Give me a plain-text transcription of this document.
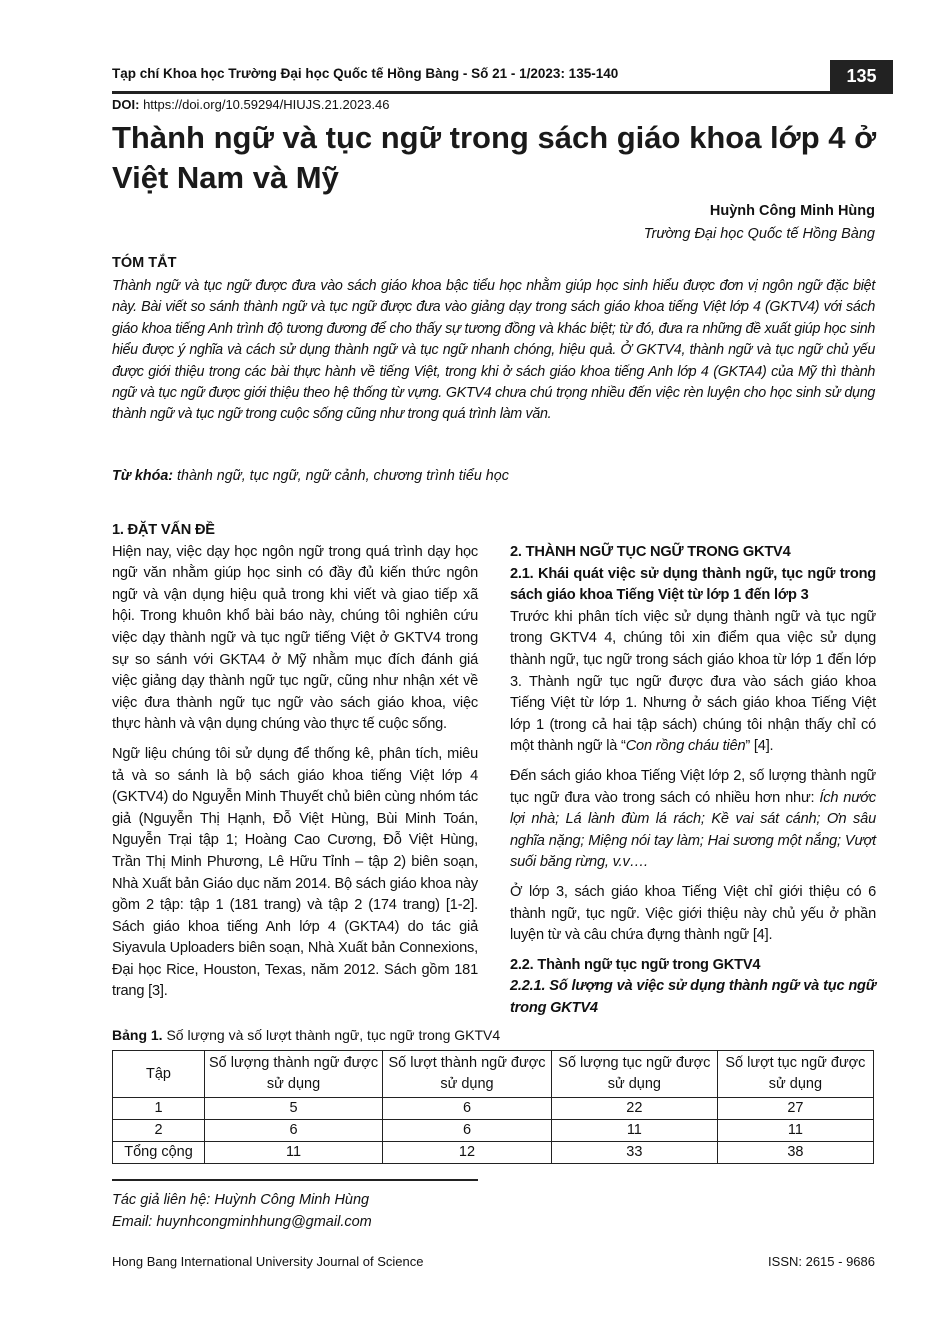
Tạp chí Khoa học Trường Đại học Quốc tế Hồng Bàng - Số 21 - 1/2023: 135-140	135
DOI: https://doi.org/10.59294/HIUJS.21.2023.46
Thành ngữ và tục ngữ trong sách giáo khoa lớp 4 ở Việt Nam và Mỹ
Huỳnh Công Minh Hùng
Trường Đại học Quốc tế Hồng Bàng
TÓM TẮT
Thành ngữ và tục ngữ được đưa vào sách giáo khoa bậc tiểu học nhằm giúp học sinh hiểu được đơn vị ngôn ngữ đặc biệt này. Bài viết so sánh thành ngữ và tục ngữ được đưa vào giảng dạy trong sách giáo khoa tiếng Việt lớp 4 (GKTV4) với sách giáo khoa tiếng Anh trình độ tương đương để cho thấy sự tương đồng và khác biệt; từ đó, đưa ra những đề xuất giúp học sinh hiểu được ý nghĩa và cách sử dụng thành ngữ và tục ngữ nhanh chóng, hiệu quả. Ở GKTV4, thành ngữ và tục ngữ chủ yếu được giới thiệu trong các bài thực hành về tiếng Việt, trong khi ở sách giáo khoa tiếng Anh lớp 4 (GKTA4) của Mỹ thì thành ngữ và tục ngữ được giới thiệu theo hệ thống từ vựng. GKTV4 chưa chú trọng nhiều đến việc rèn luyện cho học sinh sử dụng thành ngữ và tục ngữ trong cuộc sống cũng như trong quá trình làm văn.
Từ khóa: thành ngữ, tục ngữ, ngữ cảnh, chương trình tiểu học

1. ĐẶT VẤN ĐỀ

Hiện nay, việc dạy học ngôn ngữ trong quá trình dạy học ngữ văn nhằm giúp học sinh có đầy đủ kiến thức ngôn ngữ và vận dụng hiệu quả trong khi viết và giao tiếp xã hội. Trong khuôn khổ bài báo này, chúng tôi nghiên cứu việc dạy thành ngữ và tục ngữ tiếng Việt ở GKTV4 trong sự so sánh với GKTA4 ở Mỹ nhằm mục đích đánh giá việc giảng dạy thành ngữ tục ngữ, cũng như nhận xét về việc đưa thành ngữ tục ngữ vào sách giáo khoa, việc thực hành và vận dụng chúng vào thực tế cuộc sống.

Ngữ liệu chúng tôi sử dụng để thống kê, phân tích, miêu tả và so sánh là bộ sách giáo khoa tiếng Việt lớp 4 (GKTV4) do Nguyễn Minh Thuyết chủ biên cùng nhóm tác giả (Nguyễn Thị Hạnh, Đỗ Việt Hùng, Bùi Minh Toán, Nguyễn Trại tập 1; Hoàng Cao Cương, Đỗ Việt Hùng, Trần Thị Minh Phương, Lê Hữu Tỉnh – tập 2) biên soạn, Nhà Xuất bản Giáo dục năm 2014. Bộ sách giáo khoa này gồm 2 tập: tập 1 (181 trang) và tập 2 (174 trang) [1-2]. Sách giáo khoa tiếng Anh lớp 4 (GKTA4) do tác giả Siyavula Uploaders biên soạn, Nhà Xuất bản Connexions, Đại học Rice, Houston, Texas, năm 2012. Sách gồm 181 trang [3].

2. THÀNH NGỮ TỤC NGỮ TRONG GKTV4

2.1. Khái quát việc sử dụng thành ngữ, tục ngữ trong sách giáo khoa Tiếng Việt từ lớp 1 đến lớp 3

Trước khi phân tích việc sử dụng thành ngữ và tục ngữ trong GKTV4 4, chúng tôi xin điểm qua việc sử dụng thành ngữ, tục ngữ trong sách giáo khoa từ lớp 1 đến lớp 3. Thành ngữ tục ngữ được đưa vào sách giáo khoa Tiếng Việt từ lớp 1. Nhưng ở sách giáo khoa Tiếng Việt lớp 1 (trong cả hai tập sách) chúng tôi nhận thấy chỉ có một thành ngữ là “Con rồng cháu tiên” [4].

Đến sách giáo khoa Tiếng Việt lớp 2, số lượng thành ngữ tục ngữ đưa vào trong sách có nhiều hơn như: Ích nước lợi nhà; Lá lành đùm lá rách; Kề vai sát cánh; Ơn sâu nghĩa nặng; Miệng nói tay làm; Hai sương một nắng; Vượt suối băng rừng, v.v….

Ở lớp 3, sách giáo khoa Tiếng Việt chỉ giới thiệu có 6 thành ngữ, tục ngữ. Việc giới thiệu này chủ yếu ở phần luyện từ và câu chứa đựng thành ngữ [4].

2.2. Thành ngữ tục ngữ trong GKTV4

2.2.1. Số lượng và việc sử dụng thành ngữ và tục ngữ trong GKTV4

Bảng 1. Số lượng và số lượt thành ngữ, tục ngữ trong GKTV4
Tập	Số lượng thành ngữ được sử dụng	Số lượt thành ngữ được sử dụng	Số lượng tục ngữ được sử dụng	Số lượt tục ngữ được sử dụng
1	5	6	22	27
2	6	6	11	11
Tổng cộng	11	12	33	38
Tác giả liên hệ: Huỳnh Công Minh Hùng
Email: huynhcongminhhung@gmail.com
Hong Bang International University Journal of Science	ISSN: 2615 - 9686
